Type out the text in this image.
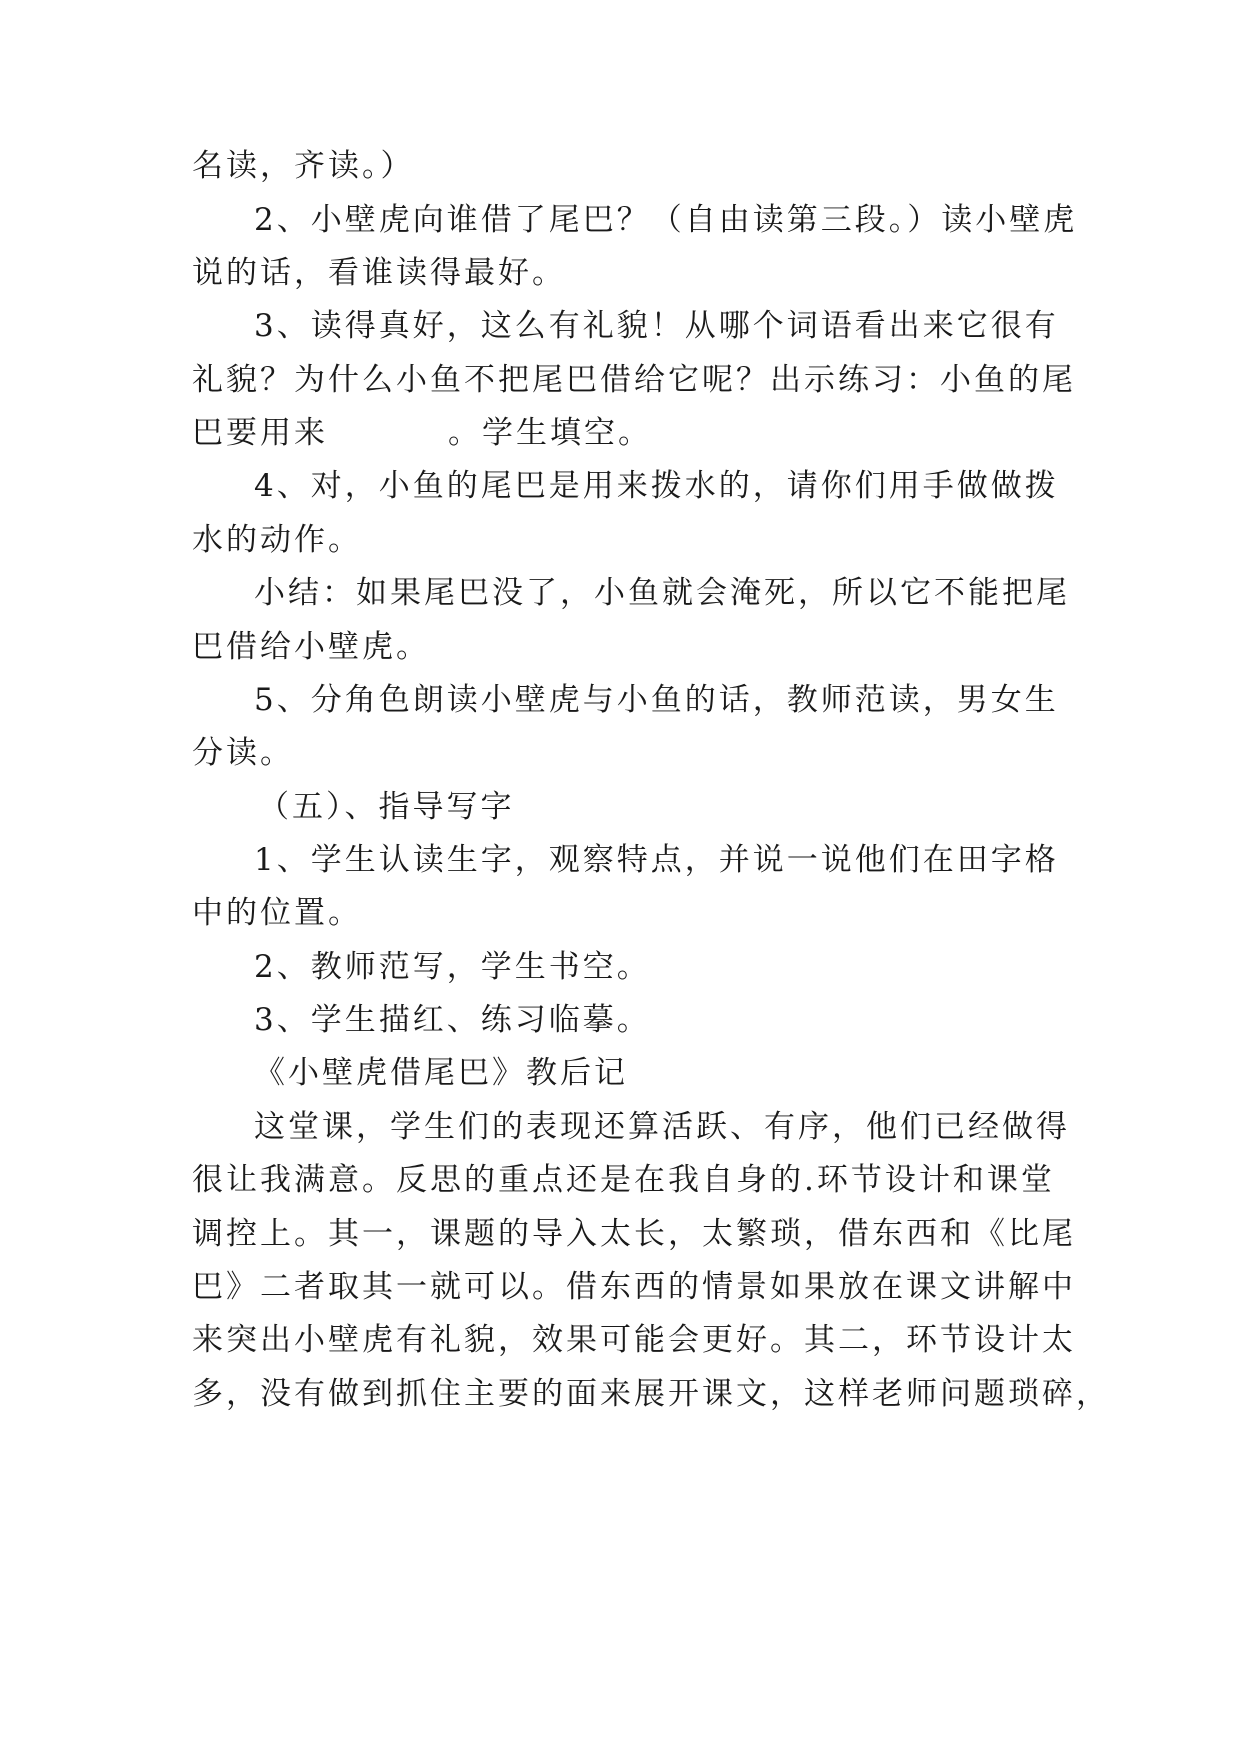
名读，齐读。）
2、小壁虎向谁借了尾巴？（自由读第三段。）读小壁虎
说的话，看谁读得最好。
3、读得真好，这么有礼貌！从哪个词语看出来它很有
礼貌？为什么小鱼不把尾巴借给它呢？出示练习：小鱼的尾
巴要用来	。学生填空。
4、对，小鱼的尾巴是用来拨水的，请你们用手做做拨
水的动作。
小结：如果尾巴没了，小鱼就会淹死，所以它不能把尾
巴借给小壁虎。
5、分角色朗读小壁虎与小鱼的话，教师范读，男女生
分读。
（五）、指导写字
1、学生认读生字，观察特点，并说一说他们在田字格
中的位置。
2、教师范写，学生书空。
3、学生描红、练习临摹。
《小壁虎借尾巴》教后记
这堂课，学生们的表现还算活跃、有序，他们已经做得
很让我满意。反思的重点还是在我自身的.环节设计和课堂
调控上。其一，课题的导入太长，太繁琐，借东西和《比尾
巴》二者取其一就可以。借东西的情景如果放在课文讲解中
来突出小壁虎有礼貌，效果可能会更好。其二，环节设计太
多，没有做到抓住主要的面来展开课文，这样老师问题琐碎，
